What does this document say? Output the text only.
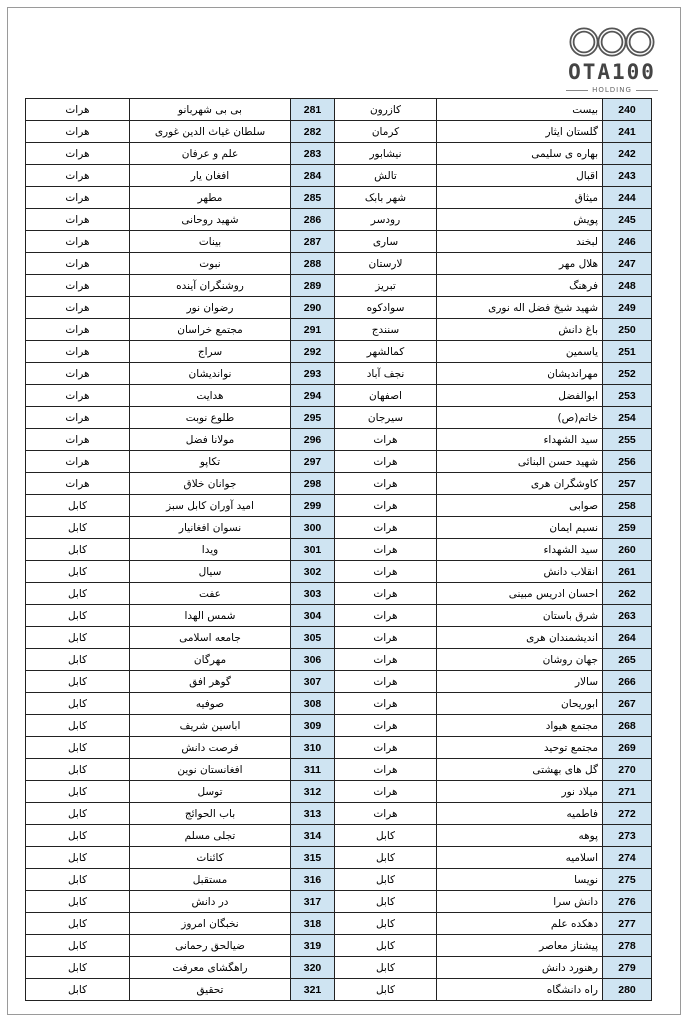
OTA100
HOLDING
هرات	بی بی شهربانو	281	کازرون	بیست	240
هرات	سلطان غیاث الدین غوری	282	کرمان	گلستان ایثار	241
هرات	علم و عرفان	283	نیشابور	بهاره ی سلیمی	242
هرات	افغان یار	284	تالش	اقبال	243
هرات	مطهر	285	شهر بابک	میثاق	244
هرات	شهید روحانی	286	رودسر	پویش	245
هرات	بینات	287	ساری	لبخند	246
هرات	نبوت	288	لارستان	هلال مهر	247
هرات	روشنگران آینده	289	تبریز	فرهنگ	248
هرات	رضوان نور	290	سوادکوه	شهید شیخ فضل اله نوری	249
هرات	مجتمع خراسان	291	سنندج	باغ دانش	250
هرات	سراج	292	کمالشهر	یاسمین	251
هرات	نواندیشان	293	نجف آباد	مهراندیشان	252
هرات	هدایت	294	اصفهان	ابوالفضل	253
هرات	طلوع نوبت	295	سیرجان	خاتم(ص)	254
هرات	مولانا فضل	296	هرات	سید الشهداء	255
هرات	تکاپو	297	هرات	شهید حسن البنائی	256
هرات	جوانان خلاق	298	هرات	کاوشگران هری	257
کابل	امید آوران کابل سبز	299	هرات	صوابی	258
کابل	نسوان افغانیار	300	هرات	نسیم ایمان	259
کابل	ویدا	301	هرات	سید الشهداء	260
کابل	سیال	302	هرات	انقلاب دانش	261
کابل	عفت	303	هرات	احسان ادریس مبینی	262
کابل	شمس الهدا	304	هرات	شرق باستان	263
کابل	جامعه اسلامی	305	هرات	اندیشمندان هری	264
کابل	مهرگان	306	هرات	جهان روشان	265
کابل	گوهر افق	307	هرات	سالار	266
کابل	صوفیه	308	هرات	ابوریحان	267
کابل	اباسین شریف	309	هرات	مجتمع هیواد	268
کابل	فرصت دانش	310	هرات	مجتمع توحید	269
کابل	افغانستان نوین	311	هرات	گل های بهشتی	270
کابل	توسل	312	هرات	میلاد نور	271
کابل	باب الحوائج	313	هرات	فاطمیه	272
کابل	تجلی مسلم	314	کابل	پوهه	273
کابل	کائنات	315	کابل	اسلامیه	274
کابل	مستقبل	316	کابل	نویسا	275
کابل	در دانش	317	کابل	دانش سرا	276
کابل	نخبگان امروز	318	کابل	دهکده علم	277
کابل	ضیالحق رحمانی	319	کابل	پیشتاز معاصر	278
کابل	راهگشای معرفت	320	کابل	رهنورد دانش	279
کابل	تحقیق	321	کابل	راه دانشگاه	280
